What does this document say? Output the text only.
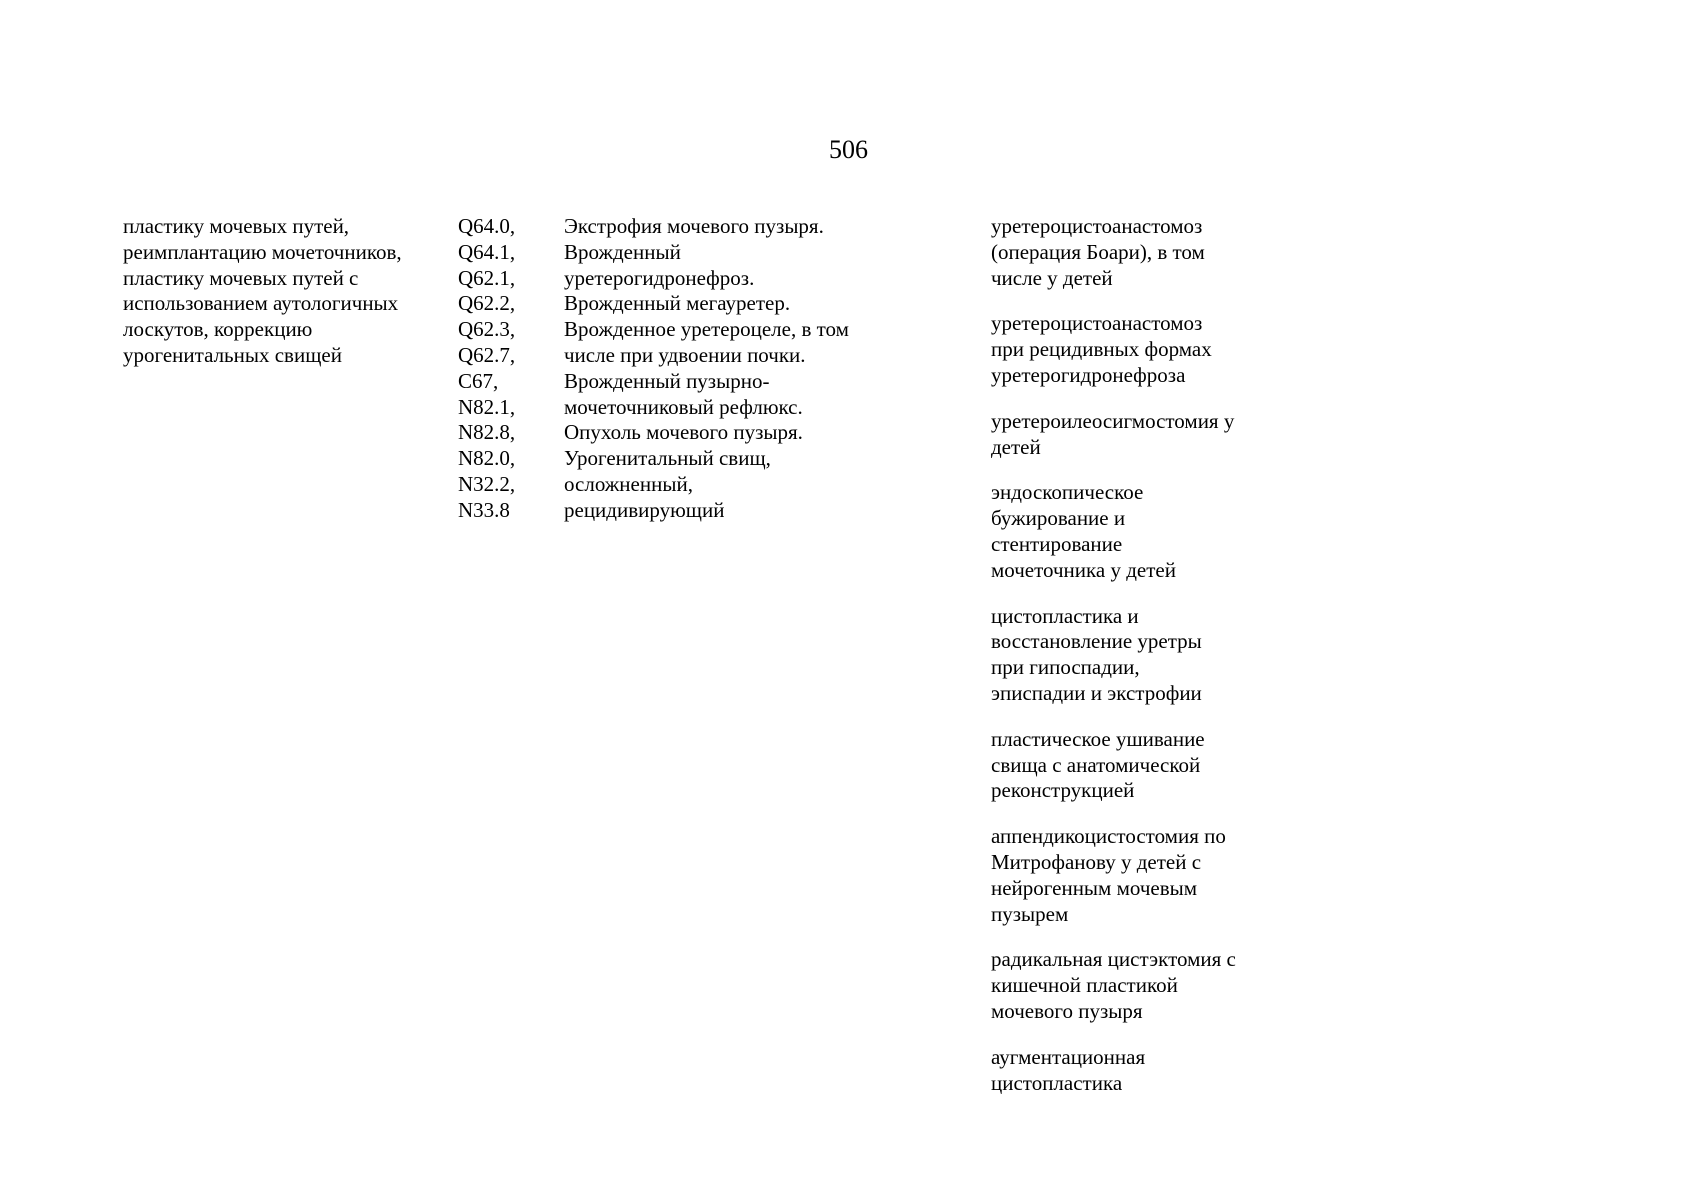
506
пластику мочевых путей,
реимплантацию мочеточников,
пластику мочевых путей с
использованием аутологичных
лоскутов, коррекцию
урогенитальных свищей
Q64.0,
Q64.1,
Q62.1,
Q62.2,
Q62.3,
Q62.7,
C67,
N82.1,
N82.8,
N82.0,
N32.2,
N33.8
Экстрофия мочевого пузыря.
Врожденный
уретерогидронефроз.
Врожденный мегауретер.
Врожденное уретероцеле, в том
числе при удвоении почки.
Врожденный пузырно-
мочеточниковый рефлюкс.
Опухоль мочевого пузыря.
Урогенитальный свищ,
осложненный,
рецидивирующий
уретероцистоанастомоз
(операция Боари), в том
числе у детей
уретероцистоанастомоз
при рецидивных формах
уретерогидронефроза
уретероилеосигмостомия у
детей
эндоскопическое
бужирование и
стентирование
мочеточника у детей
цистопластика и
восстановление уретры
при гипоспадии,
эписпадии и экстрофии
пластическое ушивание
свища с анатомической
реконструкцией
аппендикоцистостомия по
Митрофанову у детей с
нейрогенным мочевым
пузырем
радикальная цистэктомия с
кишечной пластикой
мочевого пузыря
аугментационная
цистопластика
